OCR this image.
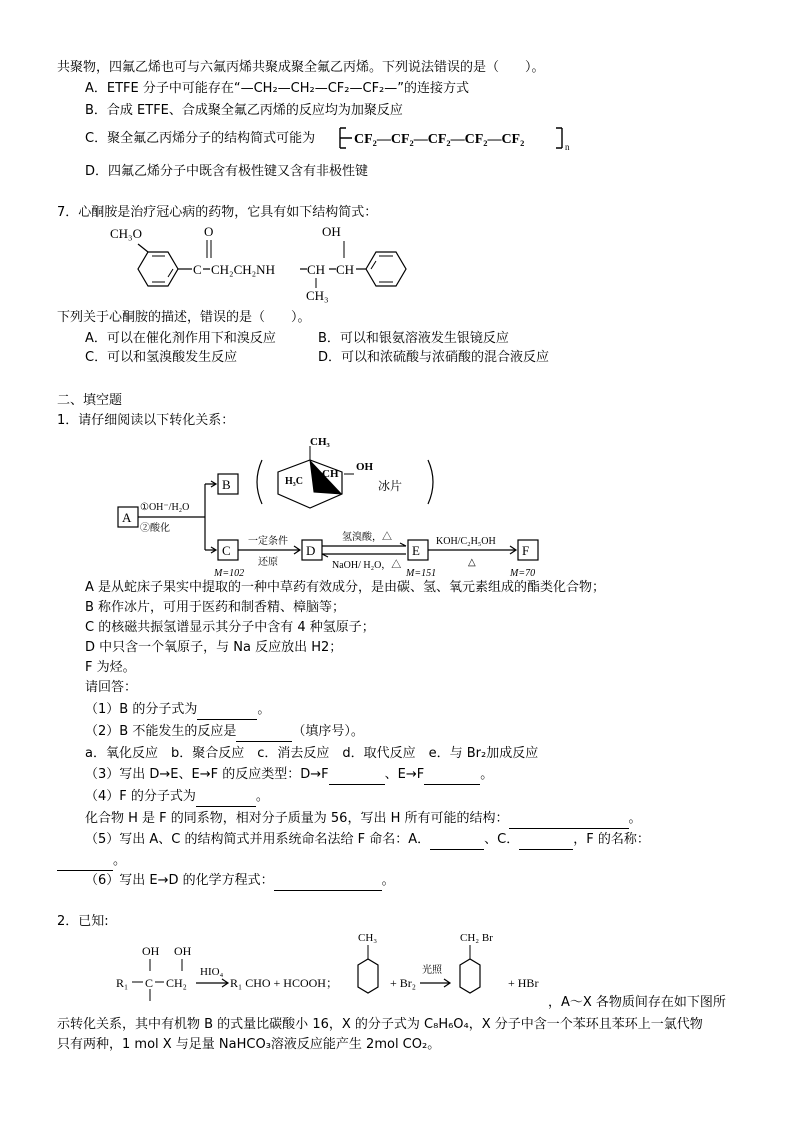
共聚物，四氟乙烯也可与六氟丙烯共聚成聚全氟乙丙烯。下列说法错误的是（　　）。
A．ETFE 分子中可能存在“—CH₂—CH₂—CF₂—CF₂—”的连接方式
B．合成 ETFE、合成聚全氟乙丙烯的反应均为加聚反应
C．聚全氟乙丙烯分子的结构简式可能为	CF₂—CF₂—CF₂—CF₂—CF₂	n
D．四氟乙烯分子中既含有极性键又含有非极性键
7．心酮胺是治疗冠心病的药物，它具有如下结构简式：
CH₃O
C
O
CH₂CH₂NH CH CH
OH
CH₃
下列关于心酮胺的描述，错误的是（　　）。
A．可以在催化剂作用下和溴反应	B．可以和银氨溶液发生银镜反应
C．可以和氢溴酸发生反应	D．可以和浓硫酸与浓硝酸的混合液反应
二、填空题
1．请仔细阅读以下转化关系：
A
①OH⁻/H₂O
②酸化
B
CH₃
H₃C
CH
OH
冰片
C
M=102
一定条件
还原
D
氢溴酸，△
NaOH/ H₂O，△
E
M=151
KOH/C₂H₅OH
△
F
M=70
A 是从蛇床子果实中提取的一种中草药有效成分，是由碳、氢、氧元素组成的酯类化合物；
B 称作冰片，可用于医药和制香精、樟脑等；
C 的核磁共振氢谱显示其分子中含有 4 种氢原子；
D 中只含一个氧原子，与 Na 反应放出 H2；
F 为烃。
请回答：
（1）B 的分子式为	。
（2）B 不能发生的反应是	（填序号）。
a．氧化反应　b．聚合反应　c．消去反应　d．取代反应　e．与 Br₂加成反应
（3）写出 D→E、E→F 的反应类型：D→F	、E→F	。
（4）F 的分子式为	。
化合物 H 是 F 的同系物，相对分子质量为 56，写出 H 所有可能的结构：	。
（5）写出 A、C 的结构简式并用系统命名法给 F 命名：A．	、C．	，F 的名称：
。
（6）写出 E→D 的化学方程式：	。
2．已知:
OH OH
R₁ C CH₂
HIO₄
R₁ CHO + HCOOH；
CH₃
+ Br₂
光照
CH₂ Br
+ HBr
，A～X 各物质间存在如下图所
示转化关系，其中有机物 B 的式量比碳酸小 16，X 的分子式为 C₈H₆O₄，X 分子中含一个苯环且苯环上一氯代物
只有两种，1 mol X 与足量 NaHCO₃溶液反应能产生 2mol CO₂。
